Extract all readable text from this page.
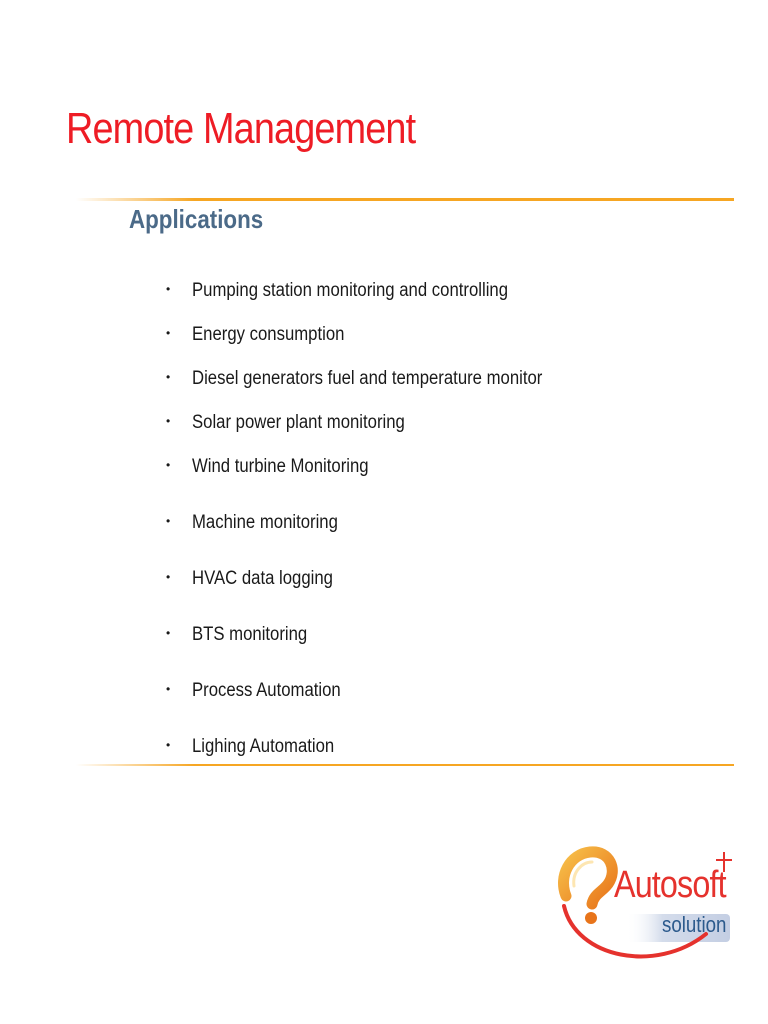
Remote Management
Applications
• Pumping station monitoring and controlling
• Energy consumption
• Diesel generators fuel and temperature monitor
• Solar power plant monitoring
• Wind turbine Monitoring
• Machine monitoring
• HVAC data logging
• BTS monitoring
• Process Automation
• Lighing Automation
Autosoft
solution
